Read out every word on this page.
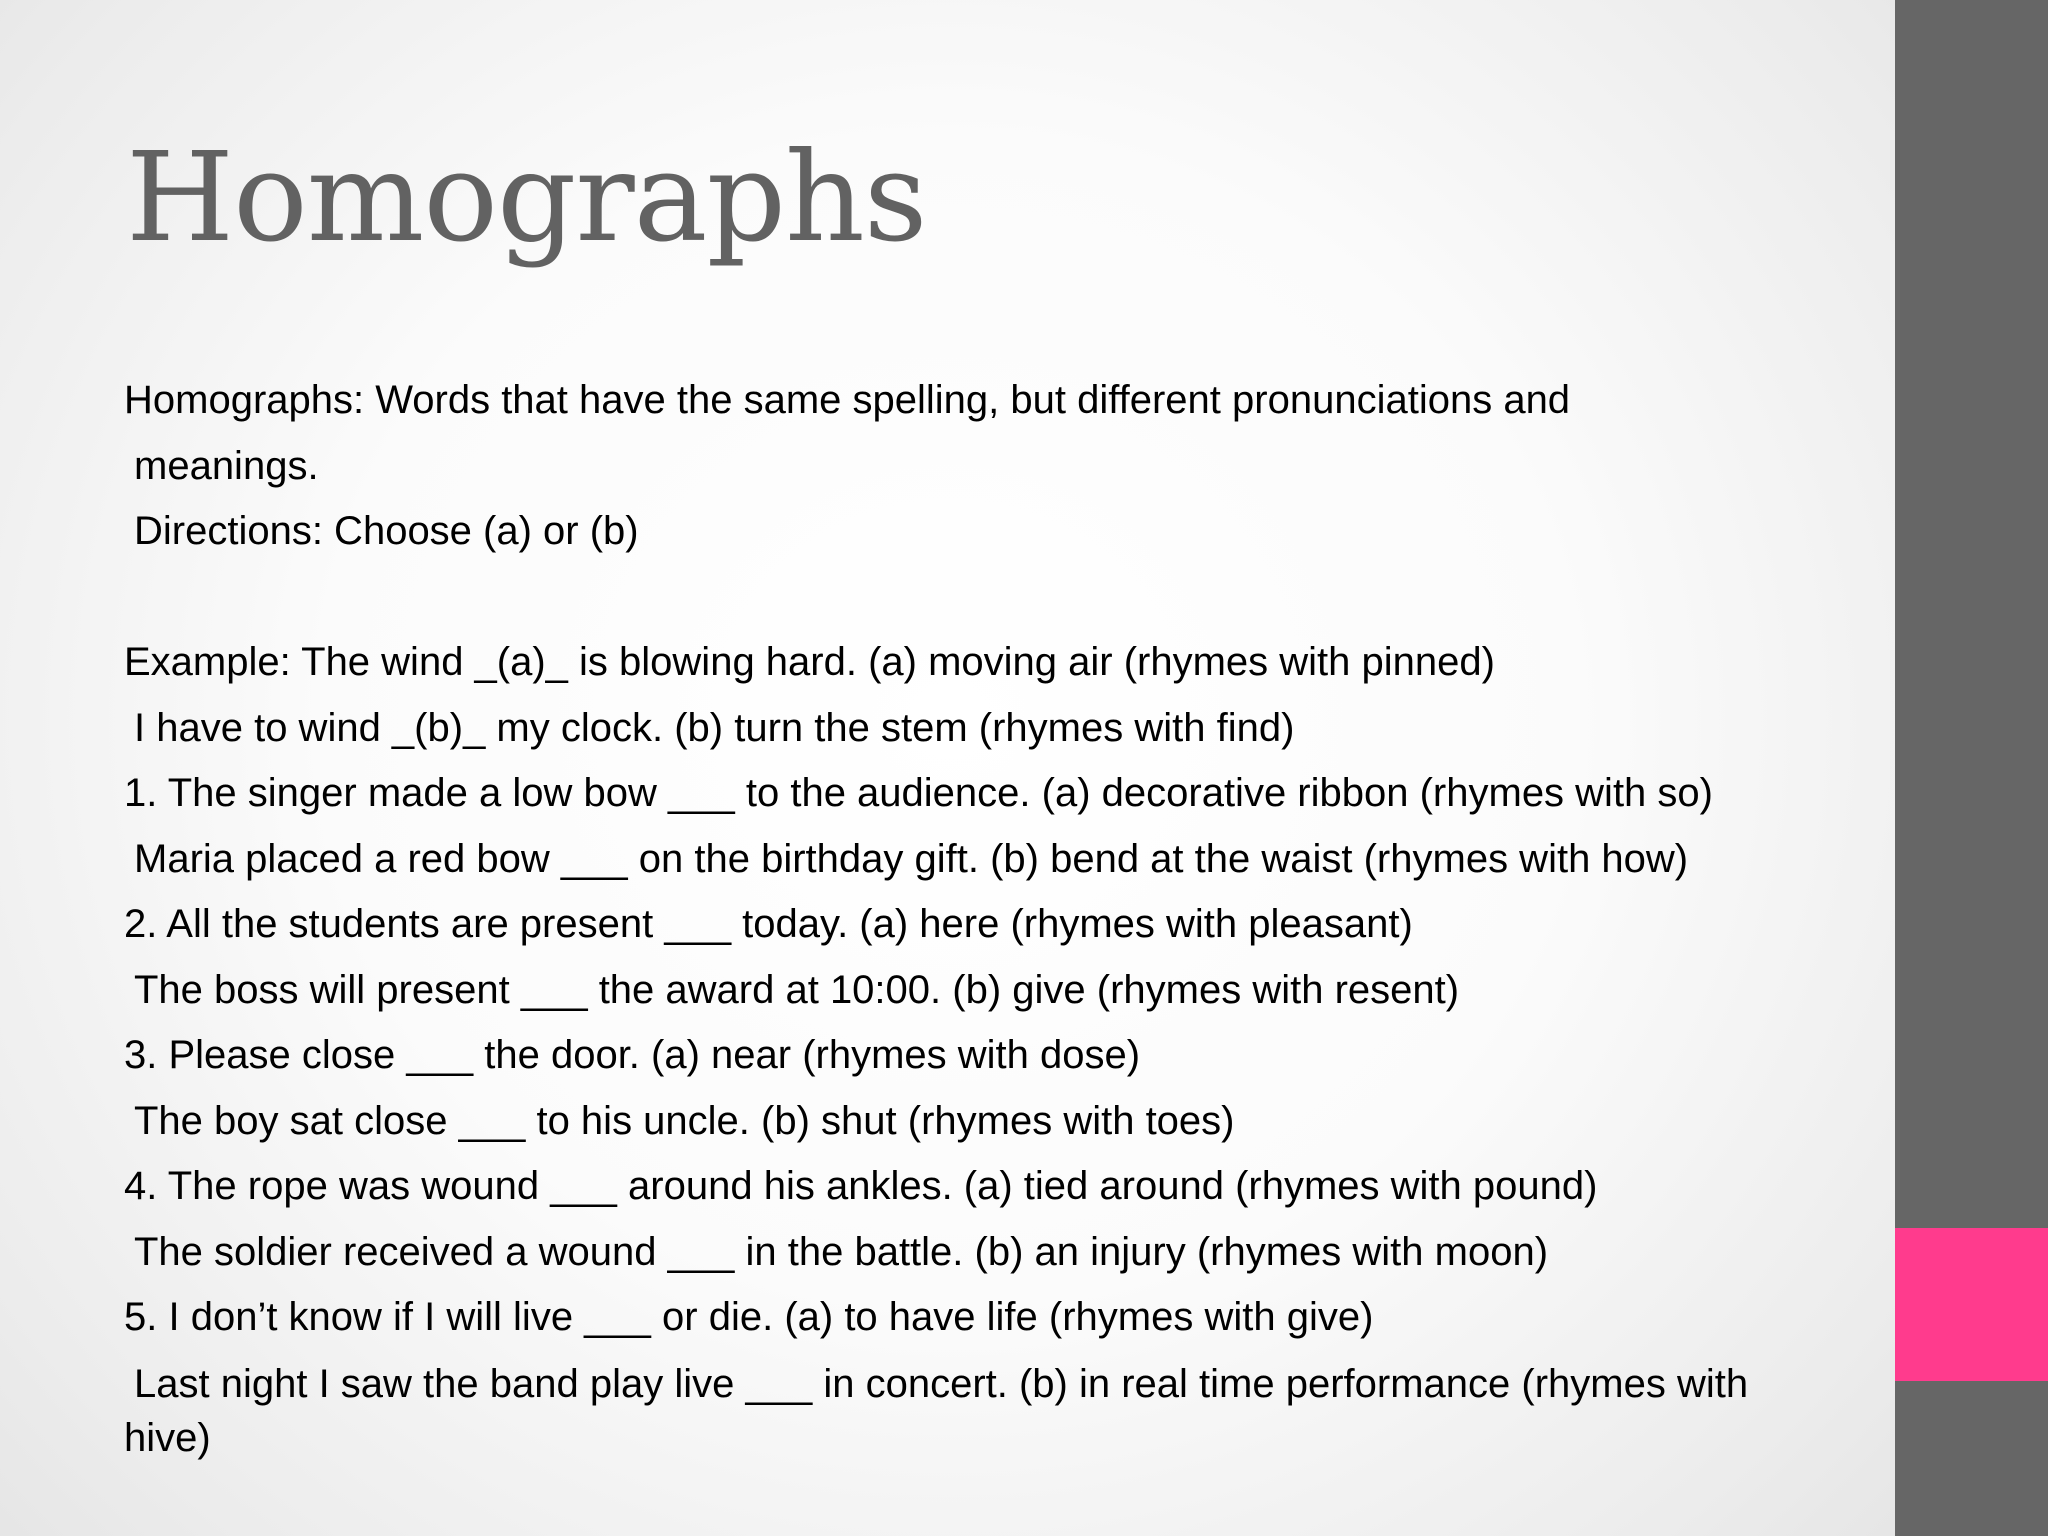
Homographs
Homographs: Words that have the same spelling, but different pronunciations and
meanings.
Directions: Choose (a) or (b)
Example: The wind _(a)_ is blowing hard. (a) moving air (rhymes with pinned)
I have to wind _(b)_ my clock. (b) turn the stem (rhymes with find)
1. The singer made a low bow ___ to the audience. (a) decorative ribbon (rhymes with so)
Maria placed a red bow ___ on the birthday gift. (b) bend at the waist (rhymes with how)
2. All the students are present ___ today. (a) here (rhymes with pleasant)
The boss will present ___ the award at 10:00. (b) give (rhymes with resent)
3. Please close ___ the door. (a) near (rhymes with dose)
The boy sat close ___ to his uncle. (b) shut (rhymes with toes)
4. The rope was wound ___ around his ankles. (a) tied around (rhymes with pound)
The soldier received a wound ___ in the battle. (b) an injury (rhymes with moon)
5. I don’t know if I will live ___ or die. (a) to have life (rhymes with give)
Last night I saw the band play live ___ in concert. (b) in real time performance (rhymes with hive)
